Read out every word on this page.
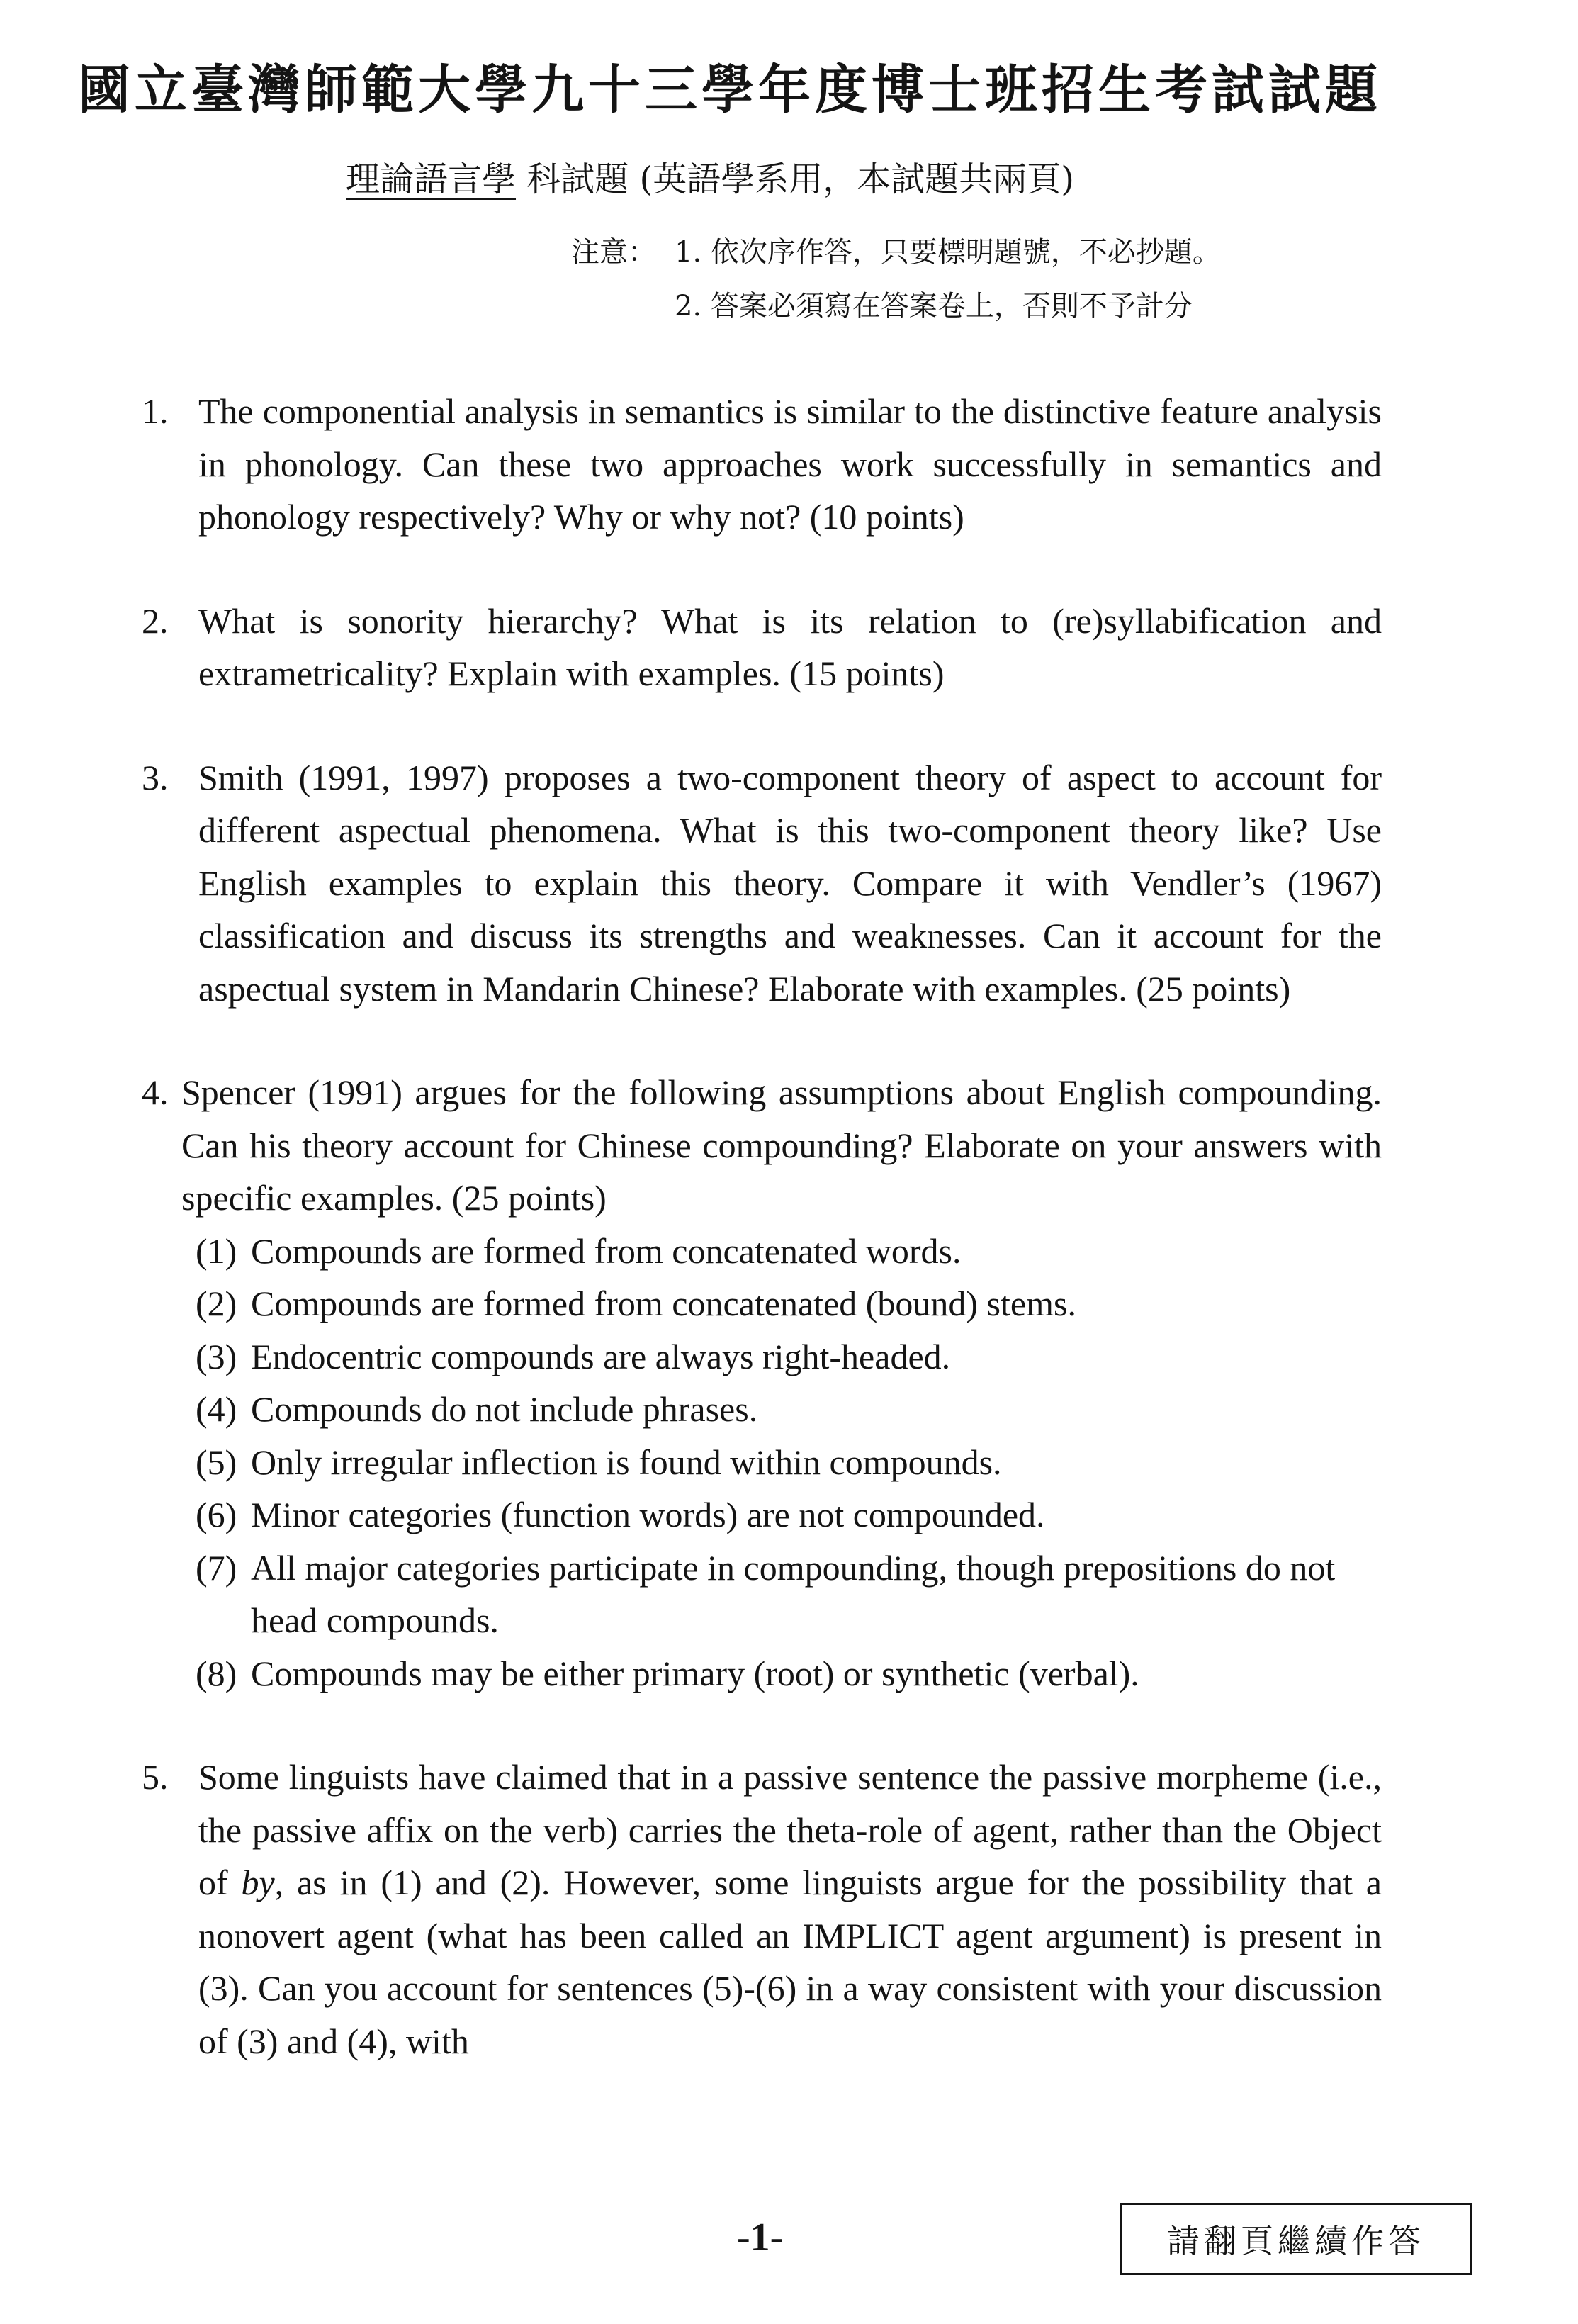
國立臺灣師範大學九十三學年度博士班招生考試試題
理論語言學 科試題 (英語學系用，本試題共兩頁)
注意： 1. 依次序作答，只要標明題號，不必抄題。
2. 答案必須寫在答案卷上，否則不予計分
1. The componential analysis in semantics is similar to the distinctive feature analysis in phonology. Can these two approaches work successfully in semantics and phonology respectively? Why or why not? (10 points)
2. What is sonority hierarchy? What is its relation to (re)syllabification and extrametricality? Explain with examples. (15 points)
3. Smith (1991, 1997) proposes a two-component theory of aspect to account for different aspectual phenomena. What is this two-component theory like? Use English examples to explain this theory. Compare it with Vendler’s (1967) classification and discuss its strengths and weaknesses. Can it account for the aspectual system in Mandarin Chinese? Elaborate with examples. (25 points)
4. Spencer (1991) argues for the following assumptions about English compounding. Can his theory account for Chinese compounding? Elaborate on your answers with specific examples. (25 points)
(1) Compounds are formed from concatenated words.
(2) Compounds are formed from concatenated (bound) stems.
(3) Endocentric compounds are always right-headed.
(4) Compounds do not include phrases.
(5) Only irregular inflection is found within compounds.
(6) Minor categories (function words) are not compounded.
(7) All major categories participate in compounding, though prepositions do not head compounds.
(8) Compounds may be either primary (root) or synthetic (verbal).
5. Some linguists have claimed that in a passive sentence the passive morpheme (i.e., the passive affix on the verb) carries the theta-role of agent, rather than the Object of by, as in (1) and (2). However, some linguists argue for the possibility that a nonovert agent (what has been called an IMPLICT agent argument) is present in (3). Can you account for sentences (5)-(6) in a way consistent with your discussion of (3) and (4), with
-1-	請翻頁繼續作答
